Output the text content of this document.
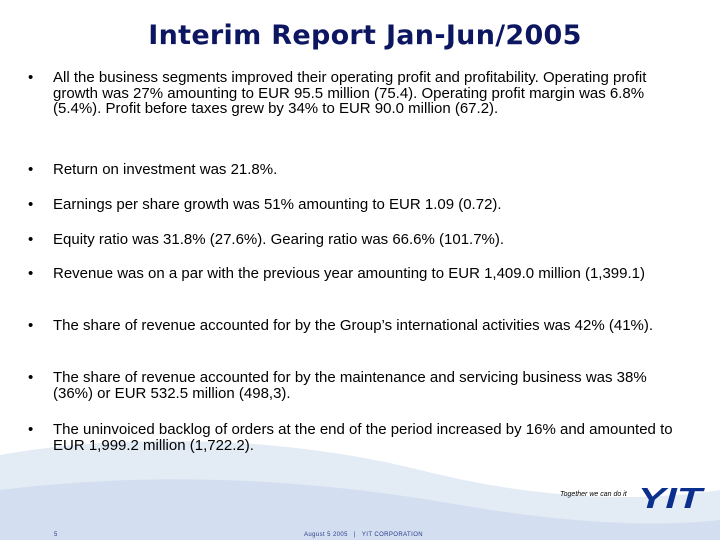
Interim Report Jan-Jun/2005
• All the business segments improved their operating profit and profitability. Operating profit growth was 27% amounting to EUR 95.5 million (75.4). Operating profit margin was 6.8% (5.4%). Profit before taxes grew by 34% to EUR 90.0 million (67.2).
• Return on investment was 21.8%.
• Earnings per share growth was 51% amounting to EUR 1.09 (0.72).
• Equity ratio was 31.8% (27.6%). Gearing ratio was 66.6% (101.7%).
• Revenue was on a par with the previous year amounting to EUR 1,409.0 million (1,399.1)
• The share of revenue accounted for by the Group’s international activities was 42% (41%).
• The share of revenue accounted for by the maintenance and servicing business was 38% (36%) or EUR 532.5 million (498,3).
• The uninvoiced backlog of orders at the end of the period increased by 16% and amounted to EUR 1,999.2 million (1,722.2).
Together we can do it YIT
5	August 5 2005 | YIT CORPORATION
